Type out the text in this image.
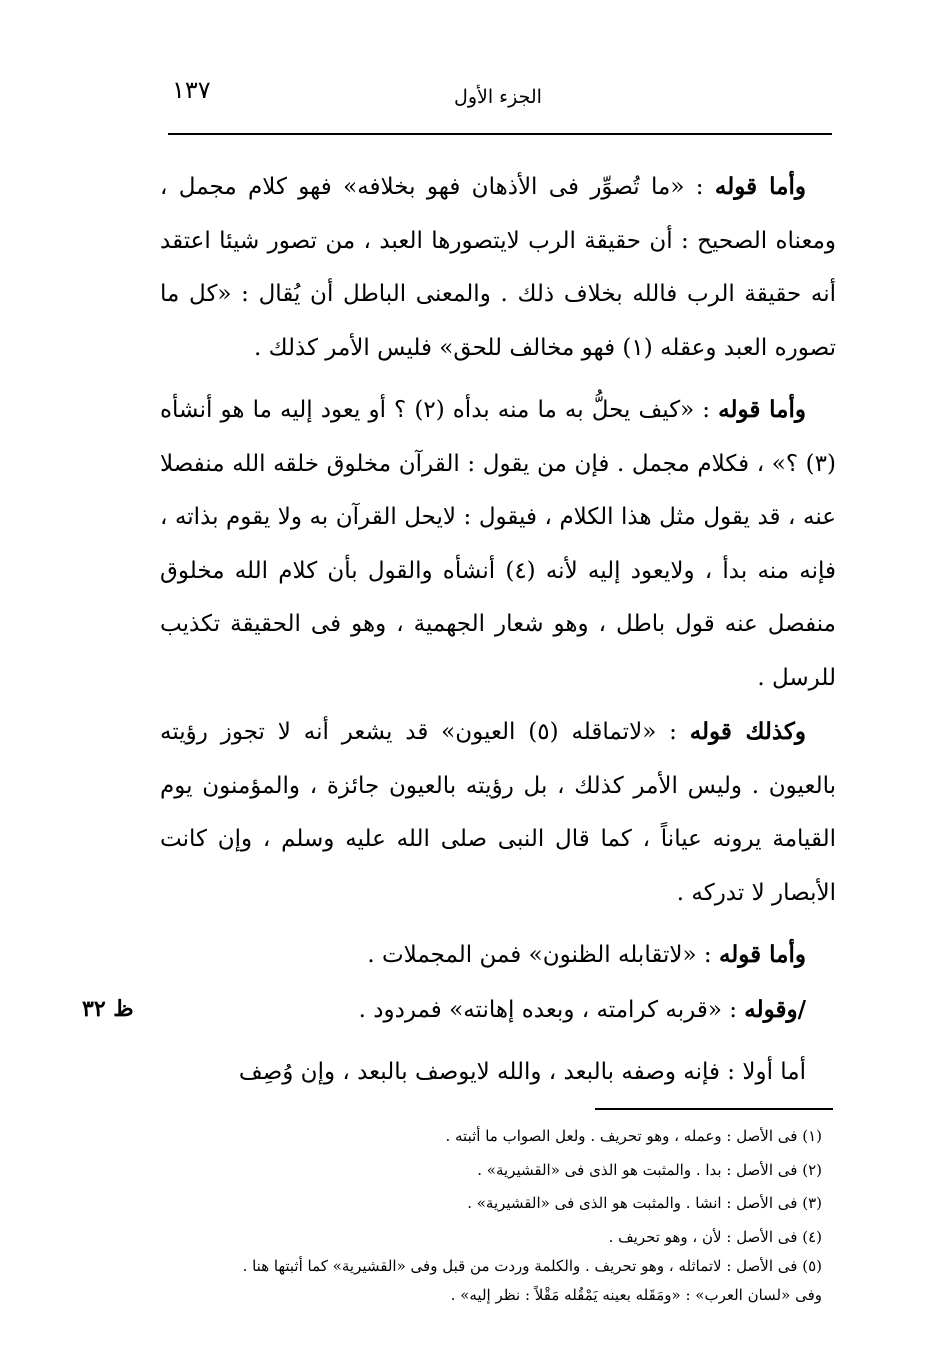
الجزء الأول
١٣٧

وأما قوله : «ما تُصوِّر فى الأذهان فهو بخلافه» فهو كلام مجمل ، ومعناه الصحيح : أن حقيقة الرب لايتصورها العبد ، من تصور شيئا اعتقد أنه حقيقة الرب فالله بخلاف ذلك . والمعنى الباطل أن يُقال : «كل ما تصوره العبد وعقله (١) فهو مخالف للحق» فليس الأمر كذلك .

وأما قوله : «كيف يحلُّ به ما منه بدأه (٢) ؟ أو يعود إليه ما هو أنشأه (٣) ؟» ، فكلام مجمل . فإن من يقول : القرآن مخلوق خلقه الله منفصلا عنه ، قد يقول مثل هذا الكلام ، فيقول : لايحل القرآن به ولا يقوم بذاته ، فإنه منه بدأ ، ولايعود إليه لأنه (٤) أنشأه والقول بأن كلام الله مخلوق منفصل عنه قول باطل ، وهو شعار الجهمية ، وهو فى الحقيقة تكذيب للرسل .

وكذلك قوله : «لاتماقله (٥) العيون» قد يشعر أنه لا تجوز رؤيته بالعيون . وليس الأمر كذلك ، بل رؤيته بالعيون جائزة ، والمؤمنون يوم القيامة يرونه عياناً ، كما قال النبى صلى الله عليه وسلم ، وإن كانت الأبصار لا تدركه .

وأما قوله : «لاتقابله الظنون» فمن المجملات .

/وقوله : «قربه كرامته ، وبعده إهانته» فمردود .

أما أولا : فإنه وصفه بالبعد ، والله لايوصف بالبعد ، وإن وُصِف

ظ ٣٢

(١) فى الأصل : وعمله ، وهو تحريف . ولعل الصواب ما أثبته .

(٢) فى الأصل : بدا . والمثبت هو الذى فى «القشيرية» .

(٣) فى الأصل : انشا . والمثبت هو الذى فى «القشيرية» .

(٤) فى الأصل : لأن ، وهو تحريف .

(٥) فى الأصل : لاتماثله ، وهو تحريف . والكلمة وردت من قبل وفى «القشيرية» كما أثبتها هنا .

وفى «لسان العرب» : «ومَقَله بعينه يَمْقُله مَقْلاً : نظر إليه» .
